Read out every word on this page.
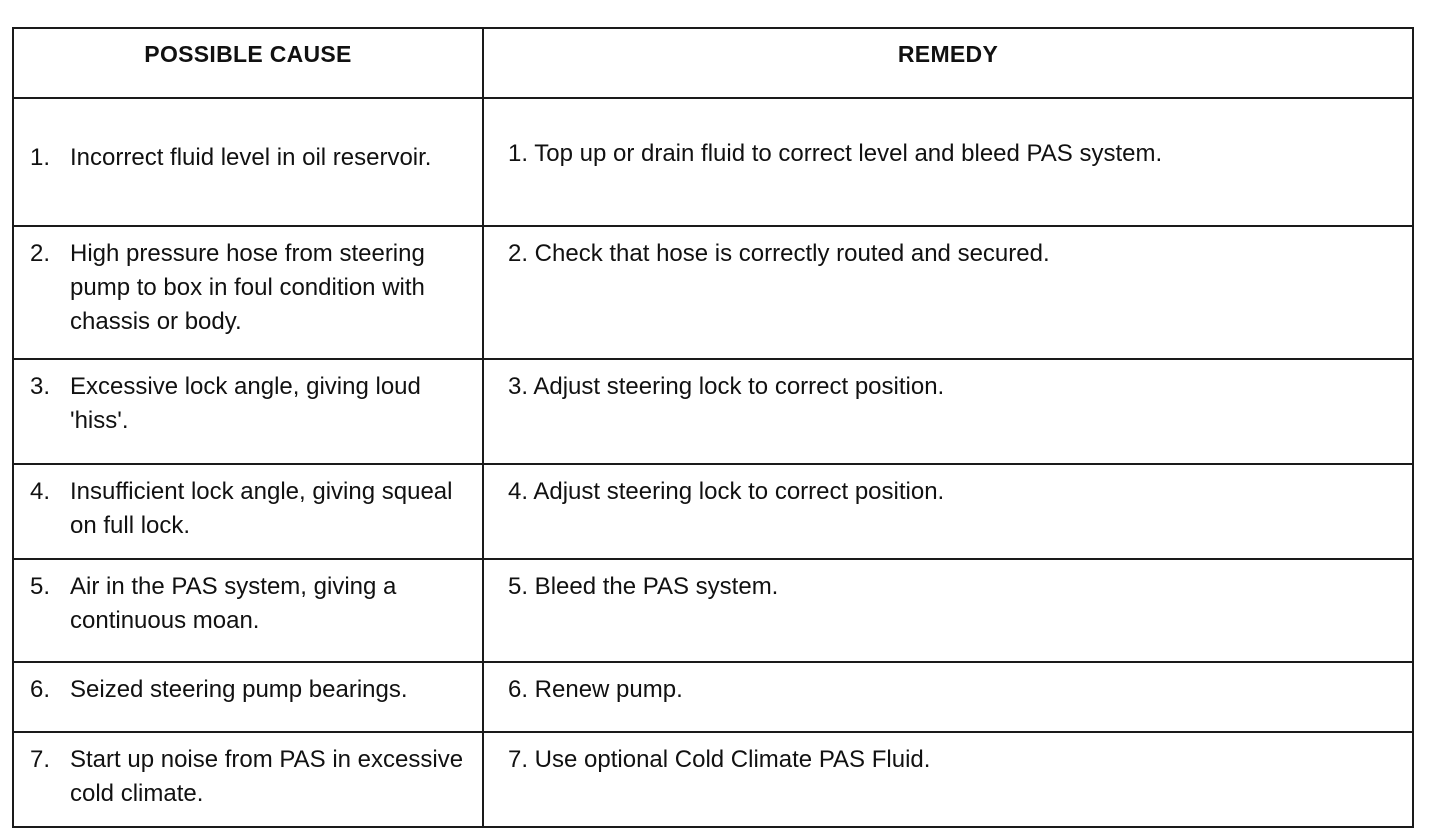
POSSIBLE CAUSE	REMEDY

1. Incorrect fluid level in oil reservoir.	1. Top up or drain fluid to correct level and bleed PAS system.

2. High pressure hose from steering pump to box in foul condition with chassis or body.	2. Check that hose is correctly routed and secured.

3. Excessive lock angle, giving loud 'hiss'.	3. Adjust steering lock to correct position.

4. Insufficient lock angle, giving squeal on full lock.	4. Adjust steering lock to correct position.

5. Air in the PAS system, giving a continuous moan.	5. Bleed the PAS system.

6. Seized steering pump bearings.	6. Renew pump.

7. Start up noise from PAS in excessive cold climate.	7. Use optional Cold Climate PAS Fluid.
